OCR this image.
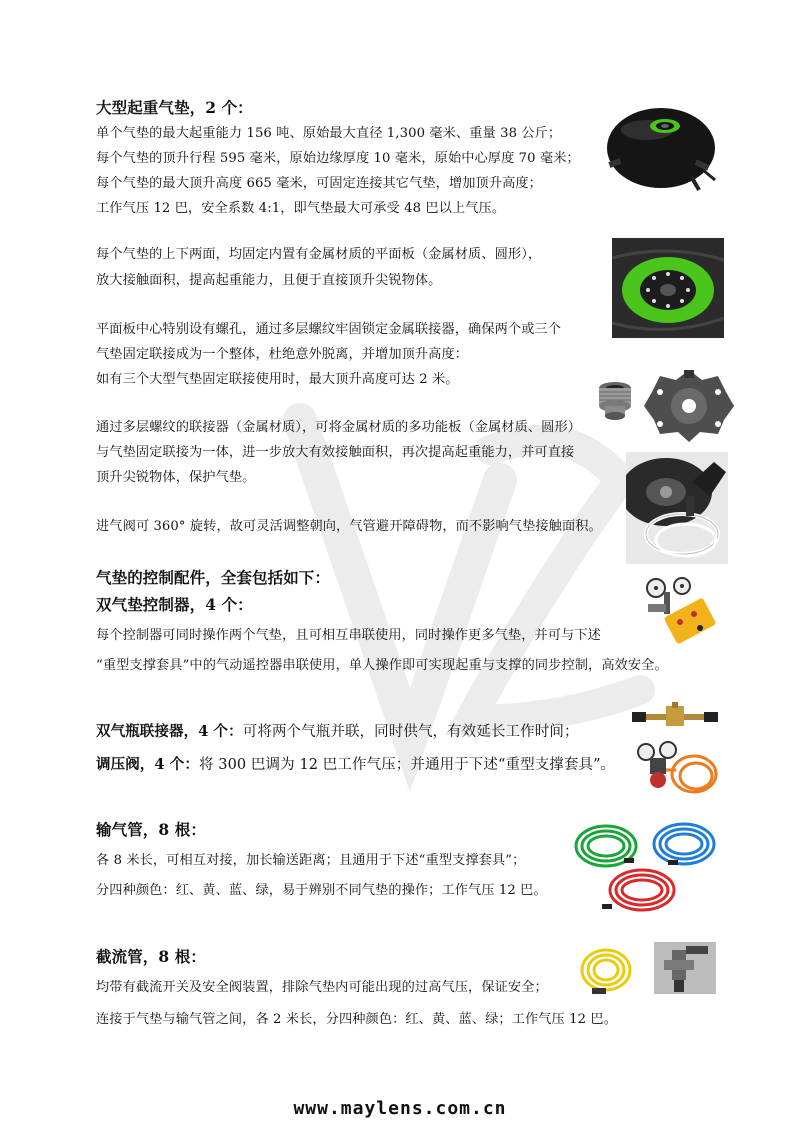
大型起重气垫，2 个：
单个气垫的最大起重能力 156 吨、原始最大直径 1,300 毫米、重量 38 公斤；
每个气垫的顶升行程 595 毫米，原始边缘厚度 10 毫米，原始中心厚度 70 毫米；
每个气垫的最大顶升高度 665 毫米，可固定连接其它气垫，增加顶升高度；
工作气压 12 巴，安全系数 4:1，即气垫最大可承受 48 巴以上气压。
每个气垫的上下两面，均固定内置有金属材质的平面板（金属材质、圆形），
放大接触面积，提高起重能力，且便于直接顶升尖锐物体。
平面板中心特别设有螺孔，通过多层螺纹牢固锁定金属联接器，确保两个或三个
气垫固定联接成为一个整体，杜绝意外脱离，并增加顶升高度：
如有三个大型气垫固定联接使用时，最大顶升高度可达 2 米。
通过多层螺纹的联接器（金属材质），可将金属材质的多功能板（金属材质、圆形）
与气垫固定联接为一体，进一步放大有效接触面积，再次提高起重能力，并可直接
顶升尖锐物体，保护气垫。
进气阀可 360° 旋转，故可灵活调整朝向，气管避开障碍物，而不影响气垫接触面积。
气垫的控制配件，全套包括如下：
双气垫控制器，4 个：
每个控制器可同时操作两个气垫，且可相互串联使用，同时操作更多气垫，并可与下述
“重型支撑套具”中的气动遥控器串联使用，单人操作即可实现起重与支撑的同步控制，高效安全。
双气瓶联接器，4 个：可将两个气瓶并联，同时供气，有效延长工作时间；
调压阀，4 个：将 300 巴调为 12 巴工作气压；并通用于下述“重型支撑套具”。
输气管，8 根：
各 8 米长，可相互对接，加长输送距离；且通用于下述“重型支撑套具”；
分四种颜色：红、黄、蓝、绿，易于辨别不同气垫的操作；工作气压 12 巴。
截流管，8 根：
均带有截流开关及安全阀装置，排除气垫内可能出现的过高气压，保证安全；
连接于气垫与输气管之间，各 2 米长，分四种颜色：红、黄、蓝、绿；工作气压 12 巴。
www.maylens.com.cn
